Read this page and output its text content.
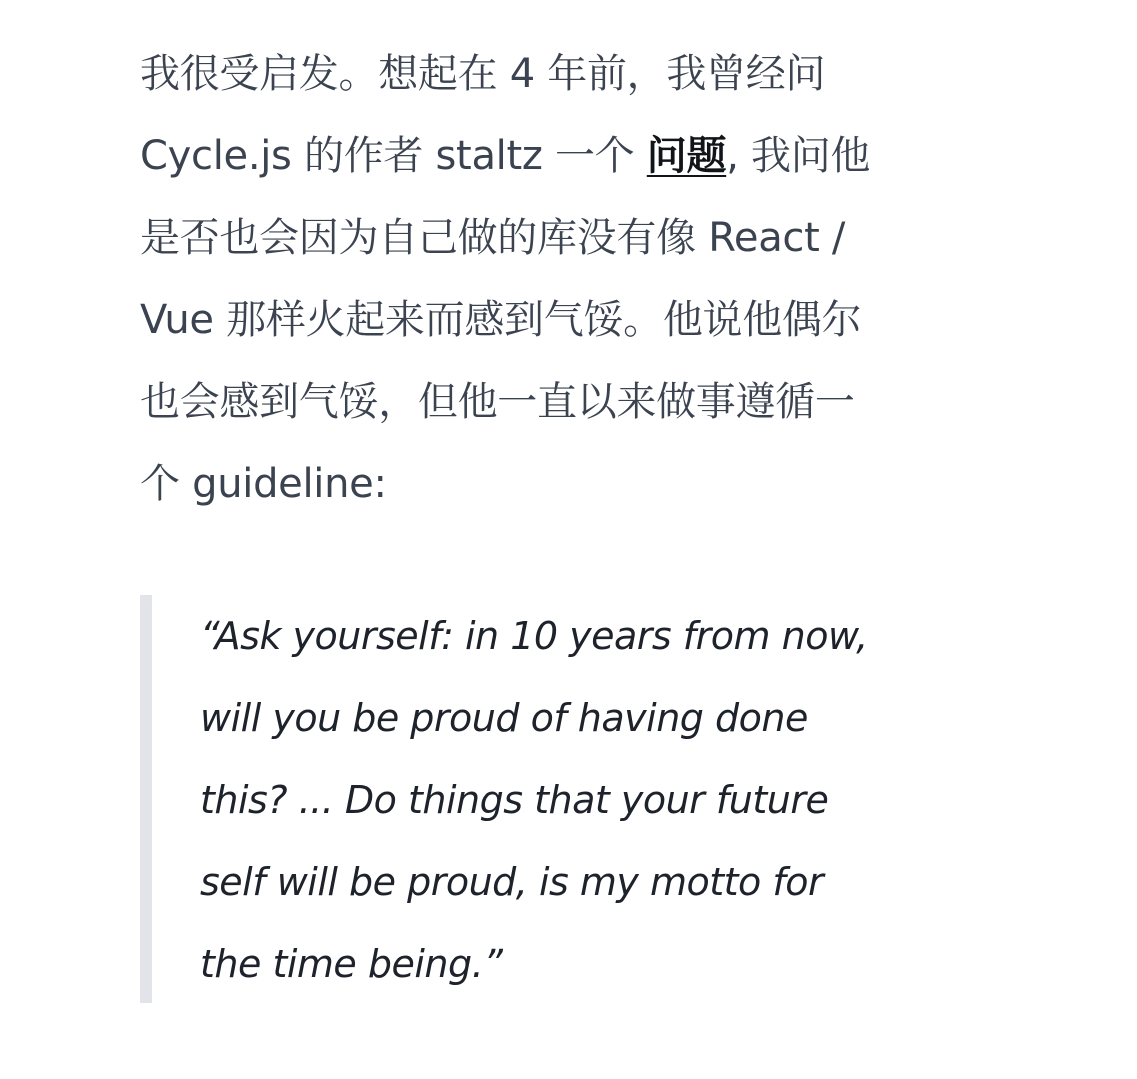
我很受启发。想起在 4 年前，我曾经问
Cycle.js 的作者 staltz 一个 问题, 我问他
是否也会因为自己做的库没有像 React /
Vue 那样火起来而感到气馁。他说他偶尔
也会感到气馁，但他一直以来做事遵循一
个 guideline:

“Ask yourself: in 10 years from now,
will you be proud of having done
this? ... Do things that your future
self will be proud, is my motto for
the time being.”
